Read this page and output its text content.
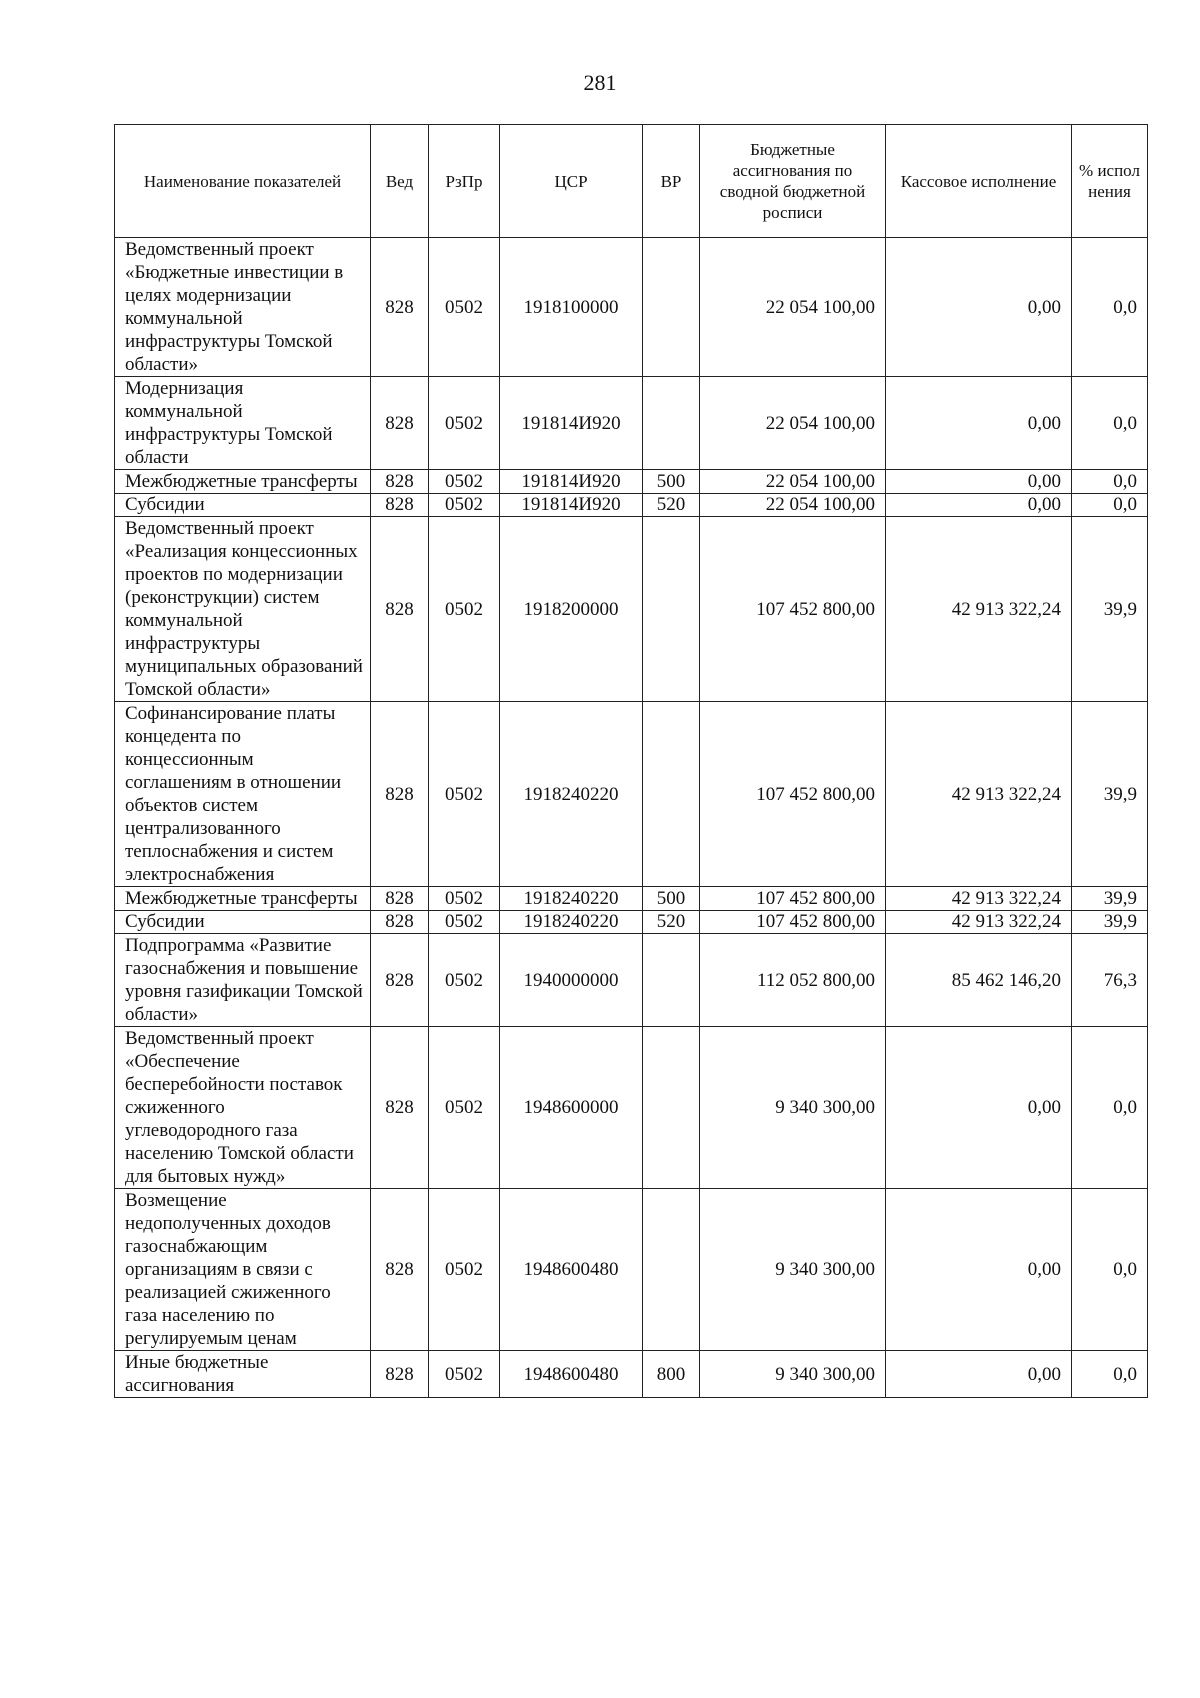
281
Наименование показателей	Вед	РзПр	ЦСР	ВР	Бюджетные ассигнования по сводной бюджетной росписи	Кассовое исполнение	% испол нения
Ведомственный проект «Бюджетные инвестиции в целях модернизации коммунальной инфраструктуры Томской области»	828	0502	1918100000		22 054 100,00	0,00	0,0
Модернизация коммунальной инфраструктуры Томской области	828	0502	191814И920		22 054 100,00	0,00	0,0
Межбюджетные трансферты	828	0502	191814И920	500	22 054 100,00	0,00	0,0
Субсидии	828	0502	191814И920	520	22 054 100,00	0,00	0,0
Ведомственный проект «Реализация концессионных проектов по модернизации (реконструкции) систем коммунальной инфраструктуры муниципальных образований Томской области»	828	0502	1918200000		107 452 800,00	42 913 322,24	39,9
Софинансирование платы концедента по концессионным соглашениям в отношении объектов систем централизованного теплоснабжения и систем электроснабжения	828	0502	1918240220		107 452 800,00	42 913 322,24	39,9
Межбюджетные трансферты	828	0502	1918240220	500	107 452 800,00	42 913 322,24	39,9
Субсидии	828	0502	1918240220	520	107 452 800,00	42 913 322,24	39,9
Подпрограмма «Развитие газоснабжения и повышение уровня газификации Томской области»	828	0502	1940000000		112 052 800,00	85 462 146,20	76,3
Ведомственный проект «Обеспечение бесперебойности поставок сжиженного углеводородного газа населению Томской области для бытовых нужд»	828	0502	1948600000		9 340 300,00	0,00	0,0
Возмещение недополученных доходов газоснабжающим организациям в связи с реализацией сжиженного газа населению по регулируемым ценам	828	0502	1948600480		9 340 300,00	0,00	0,0
Иные бюджетные ассигнования	828	0502	1948600480	800	9 340 300,00	0,00	0,0
